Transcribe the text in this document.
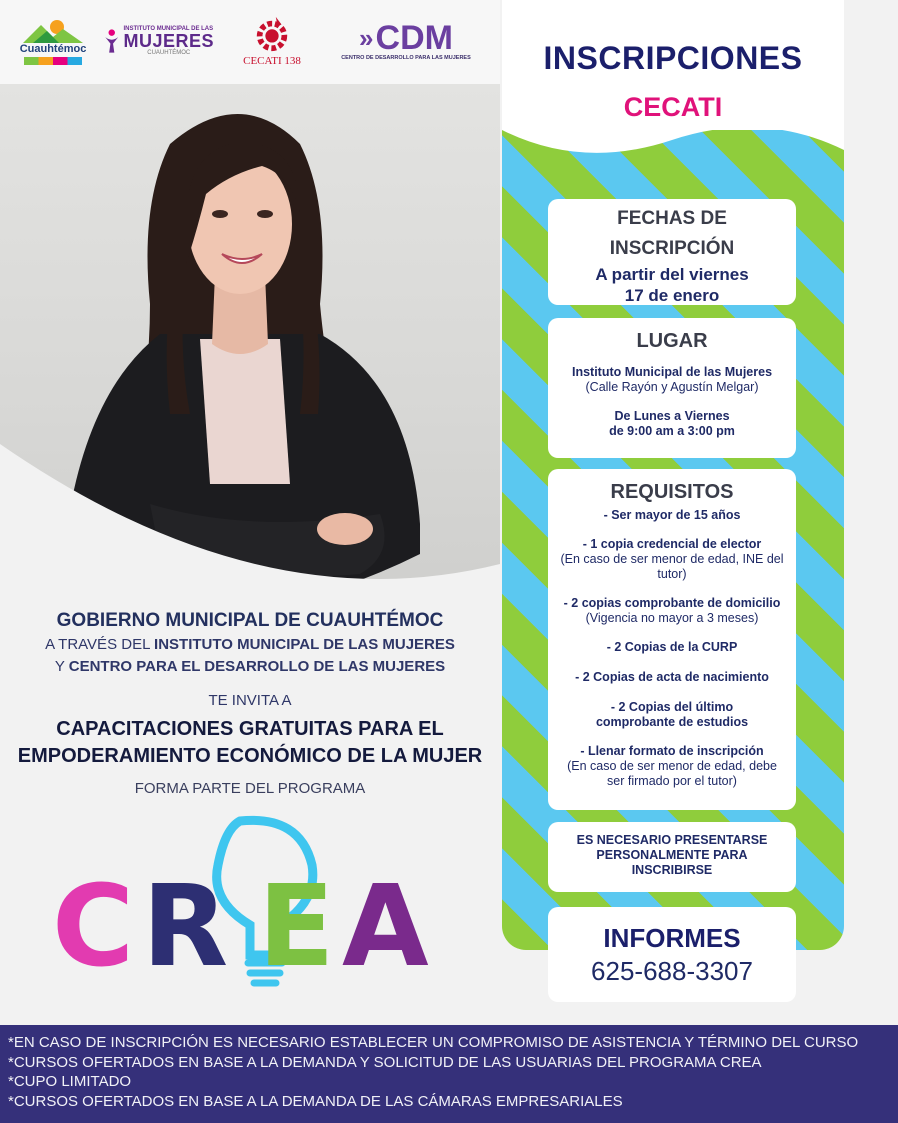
Cuauhtémoc
INSTITUTO MUNICIPAL DE LAS
MUJERES
CUAUHTÉMOC
CECATI 138
» CDM
CENTRO DE DESARROLLO PARA LAS MUJERES
GOBIERNO MUNICIPAL DE CUAUHTÉMOC
A TRAVÉS DEL INSTITUTO MUNICIPAL DE LAS MUJERES
Y CENTRO PARA EL DESARROLLO DE LAS MUJERES
TE INVITA A
CAPACITACIONES GRATUITAS PARA EL
EMPODERAMIENTO ECONÓMICO DE LA MUJER
FORMA PARTE DEL PROGRAMA
C R E A
INSCRIPCIONES
CECATI
FECHAS DE
INSCRIPCIÓN
A partir del viernes
17 de enero
LUGAR
Instituto Municipal de las Mujeres
(Calle Rayón y Agustín Melgar)
De Lunes a Viernes
de 9:00 am a 3:00 pm
REQUISITOS
- Ser mayor de 15 años
- 1 copia credencial de elector
(En caso de ser menor de edad, INE del tutor)
- 2 copias comprobante de domicilio
(Vigencia no mayor a 3 meses)
- 2 Copias de la CURP
- 2 Copias de acta de nacimiento
- 2 Copias del último comprobante de estudios
- Llenar formato de inscripción
(En caso de ser menor de edad, debe ser firmado por el tutor)
ES NECESARIO PRESENTARSE
PERSONALMENTE PARA
INSCRIBIRSE
INFORMES
625-688-3307
*EN CASO DE INSCRIPCIÓN ES NECESARIO ESTABLECER UN COMPROMISO DE ASISTENCIA Y TÉRMINO DEL CURSO
*CURSOS OFERTADOS EN BASE A LA DEMANDA Y SOLICITUD DE LAS USUARIAS DEL PROGRAMA CREA
*CUPO LIMITADO
*CURSOS OFERTADOS EN BASE A LA DEMANDA DE LAS CÁMARAS EMPRESARIALES
